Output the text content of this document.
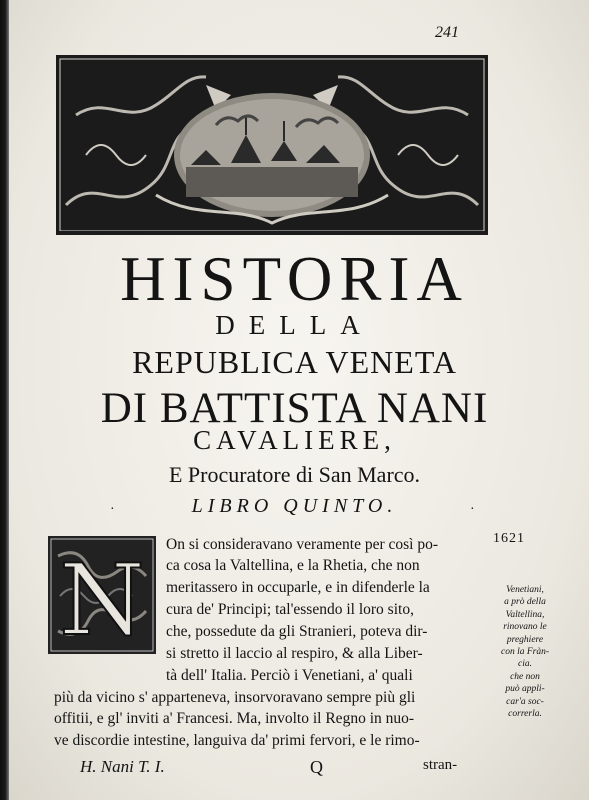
241
HISTORIA
DELLA
REPUBLICA VENETA
DI BATTISTA NANI
CAVALIERE,
E Procuratore di San Marco.
LIBRO QUINTO.
·	·
N On si consideravano veramente per così po-
ca cosa la Valtellina, e la Rhetia, che non
meritassero in occuparle, e in difenderle la
cura de' Principi; tal'essendo il loro sito,
che, possedute da gli Stranieri, poteva dir-
si stretto il laccio al respiro, & alla Liber-
tà dell' Italia. Perciò i Venetiani, a' quali
più da vicino s' apparteneva, insorvoravano sempre più gli
offitii, e gl' inviti a' Francesi. Ma, involto il Regno in nuo-
ve discordie intestine, languiva da' primi fervori, e le rimo-
1621
Venetiani,
a prò della
Valtellina,
rinovano le
preghiere
con la Fràn-
cia.
che non
può appli-
car'a soc-
correrla.
H. Nani T. I.	Q	stran-
